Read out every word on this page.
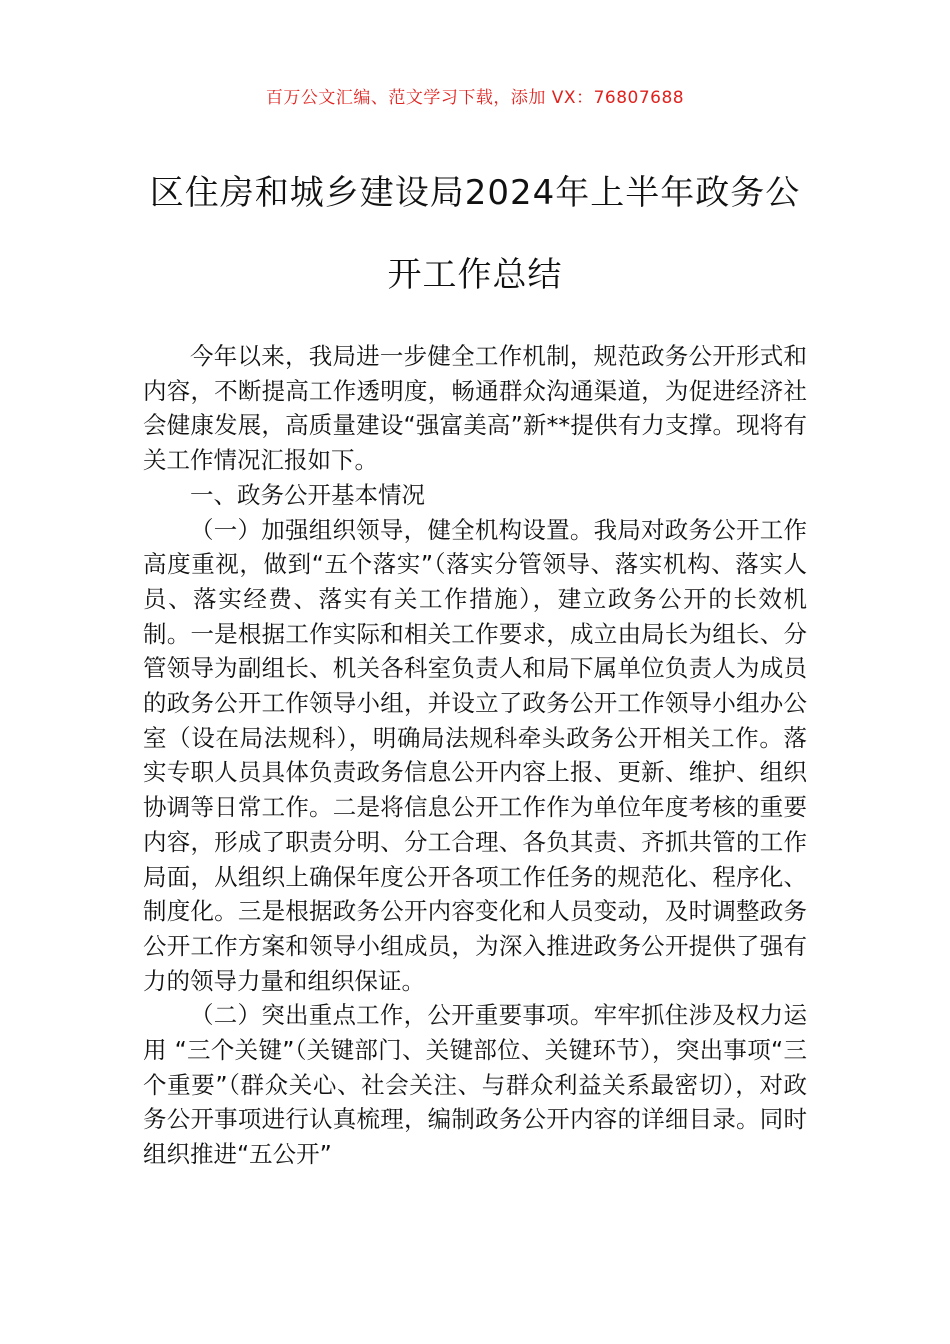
百万公文汇编、范文学习下载，添加 VX：76807688
区住房和城乡建设局2024年上半年政务公开工作总结

今年以来，我局进一步健全工作机制，规范政务公开形式和内容，不断提高工作透明度，畅通群众沟通渠道，为促进经济社会健康发展，高质量建设“强富美高”新**提供有力支撑。现将有关工作情况汇报如下。

一、政务公开基本情况

（一）加强组织领导，健全机构设置。我局对政务公开工作高度重视，做到“五个落实”（落实分管领导、落实机构、落实人员、落实经费、落实有关工作措施），建立政务公开的长效机制。一是根据工作实际和相关工作要求，成立由局长为组长、分管领导为副组长、机关各科室负责人和局下属单位负责人为成员的政务公开工作领导小组，并设立了政务公开工作领导小组办公室（设在局法规科），明确局法规科牵头政务公开相关工作。落实专职人员具体负责政务信息公开内容上报、更新、维护、组织协调等日常工作。二是将信息公开工作作为单位年度考核的重要内容，形成了职责分明、分工合理、各负其责、齐抓共管的工作局面，从组织上确保年度公开各项工作任务的规范化、程序化、制度化。三是根据政务公开内容变化和人员变动，及时调整政务公开工作方案和领导小组成员，为深入推进政务公开提供了强有力的领导力量和组织保证。

（二）突出重点工作，公开重要事项。牢牢抓住涉及权力运用 “三个关键”（关键部门、关键部位、关键环节），突出事项“三个重要”（群众关心、社会关注、与群众利益关系最密切），对政务公开事项进行认真梳理，编制政务公开内容的详细目录。同时组织推进“五公开”
